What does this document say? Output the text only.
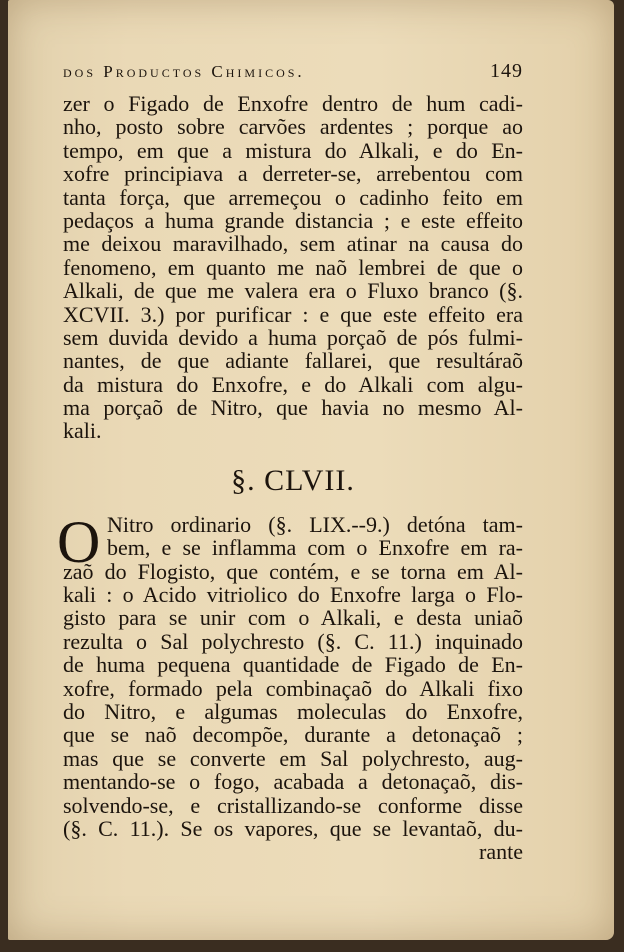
dos Productos Chimicos.	149
zer o Figado de Enxofre dentro de hum cadi-
nho, posto sobre carvões ardentes ; porque ao
tempo, em que a mistura do Alkali, e do En-
xofre principiava a derreter-se, arrebentou com
tanta força, que arremeçou o cadinho feito em
pedaços a huma grande distancia ; e este effeito
me deixou maravilhado, sem atinar na causa do
fenomeno, em quanto me naõ lembrei de que o
Alkali, de que me valera era o Fluxo branco (§.
XCVII. 3.) por purificar : e que este effeito era
sem duvida devido a huma porçaõ de pós fulmi-
nantes, de que adiante fallarei, que resultáraõ
da mistura do Enxofre, e do Alkali com algu-
ma porçaõ de Nitro, que havia no mesmo Al-
kali.
§. CLVII.
O Nitro ordinario (§. LIX.--9.) detóna tam-
bem, e se inflamma com o Enxofre em ra-
zaõ do Flogisto, que contém, e se torna em Al-
kali : o Acido vitriolico do Enxofre larga o Flo-
gisto para se unir com o Alkali, e desta uniaõ
rezulta o Sal polychresto (§. C. 11.) inquinado
de huma pequena quantidade de Figado de En-
xofre, formado pela combinaçaõ do Alkali fixo
do Nitro, e algumas moleculas do Enxofre,
que se naõ decompõe, durante a detonaçaõ ;
mas que se converte em Sal polychresto, aug-
mentando-se o fogo, acabada a detonaçaõ, dis-
solvendo-se, e cristallizando-se conforme disse
(§. C. 11.). Se os vapores, que se levantaõ, du-
rante
